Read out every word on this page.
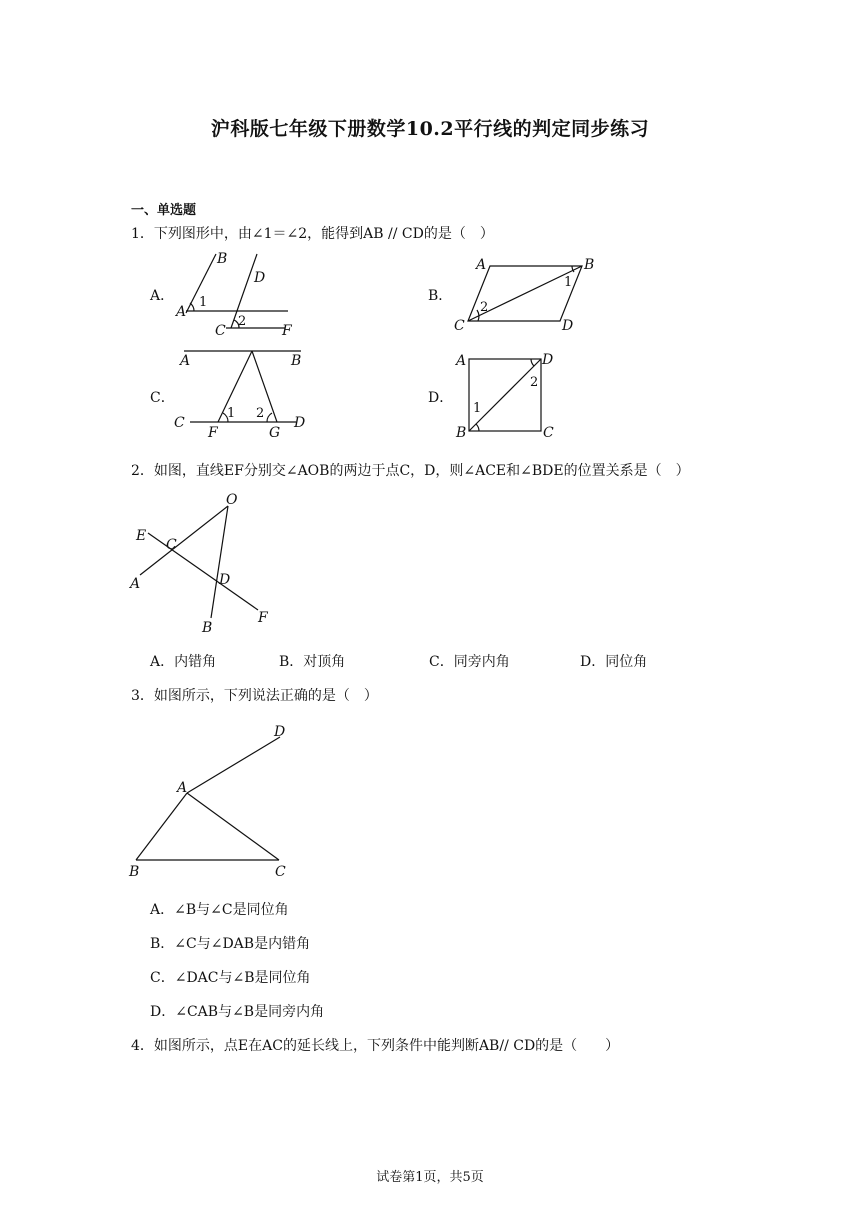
沪科版七年级下册数学10.2平行线的判定同步练习
一、单选题
1．下列图形中，由∠1＝∠2，能得到AB // CD的是（　）
A．
B
D
1
A
C
2
F
B．
A	B
1
2
C	D
C．
A	B
C
1 2
D
F	G
D．
A	D
2
1
B	C
2．如图，直线EF分别交∠AOB的两边于点C，D，则∠ACE和∠BDE的位置关系是（　）
O
E
C
A	D
B
F
A．内错角	B．对顶角	C．同旁内角	D．同位角
3．如图所示，下列说法正确的是（　）
D
A
B	C
A．∠B与∠C是同位角
B．∠C与∠DAB是内错角
C．∠DAC与∠B是同位角
D．∠CAB与∠B是同旁内角
4．如图所示，点E在AC的延长线上，下列条件中能判断AB// CD的是（　　）
试卷第1页，共5页
